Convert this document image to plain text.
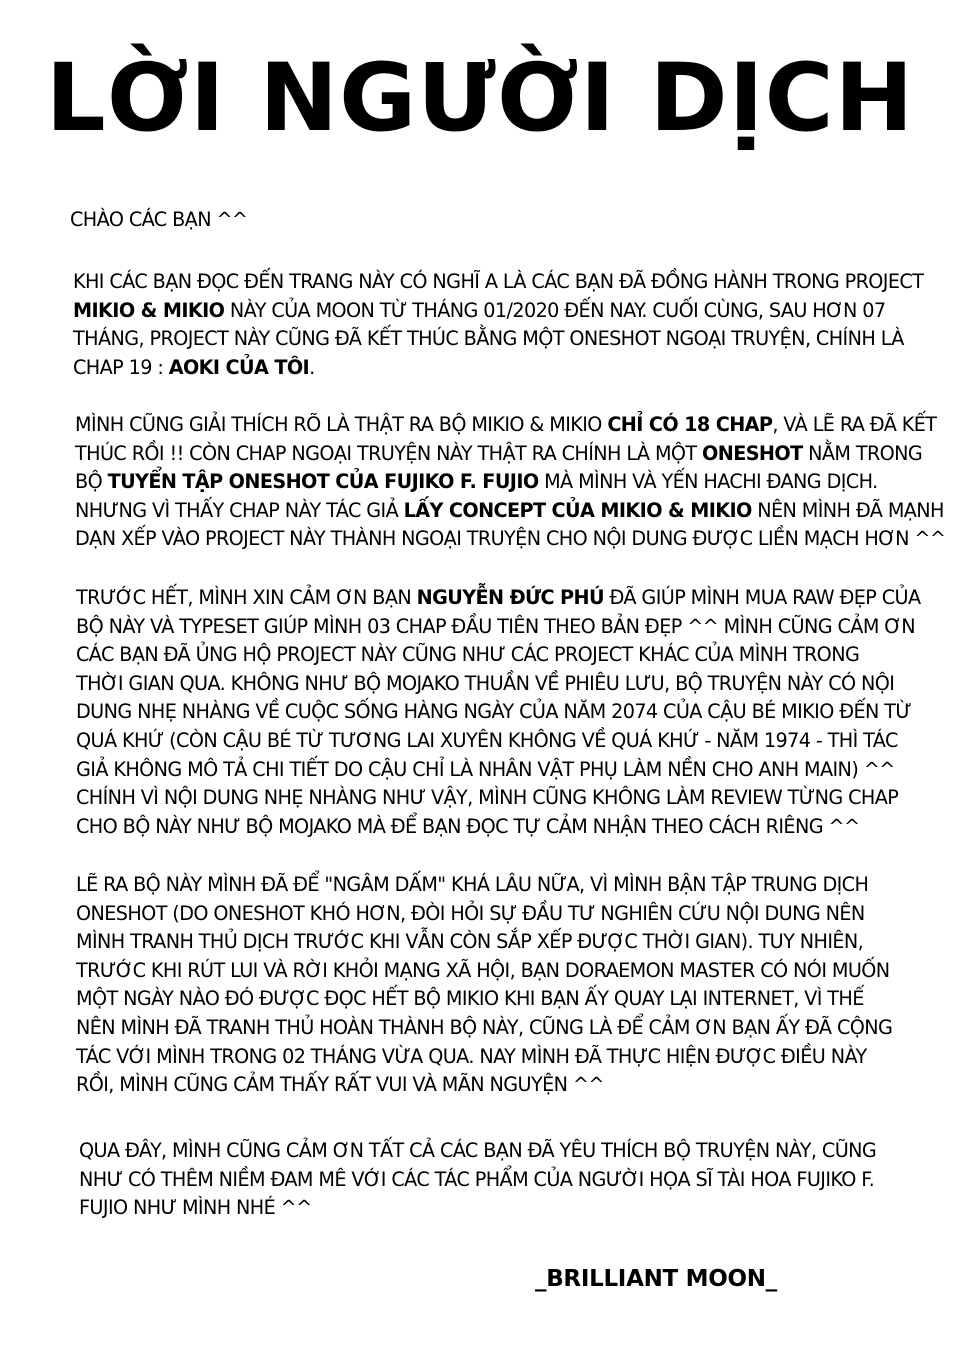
LỜI NGƯỜI DỊCH
CHÀO CÁC BẠN ^^
KHI CÁC BẠN ĐỌC ĐẾN TRANG NÀY CÓ NGHĨ A LÀ CÁC BẠN ĐÃ ĐỒNG HÀNH TRONG PROJECT
MIKIO & MIKIO NÀY CỦA MOON TỪ THÁNG 01/2020 ĐẾN NAY. CUỐI CÙNG, SAU HƠN 07
THÁNG, PROJECT NÀY CŨNG ĐÃ KẾT THÚC BẰNG MỘT ONESHOT NGOẠI TRUYỆN, CHÍNH LÀ
CHAP 19 : AOKI CỦA TÔI.
MÌNH CŨNG GIẢI THÍCH RÕ LÀ THẬT RA BỘ MIKIO & MIKIO CHỈ CÓ 18 CHAP, VÀ LẼ RA ĐÃ KẾT
THÚC RỒI !! CÒN CHAP NGOẠI TRUYỆN NÀY THẬT RA CHÍNH LÀ MỘT ONESHOT NẰM TRONG
BỘ TUYỂN TẬP ONESHOT CỦA FUJIKO F. FUJIO MÀ MÌNH VÀ YẾN HACHI ĐANG DỊCH.
NHƯNG VÌ THẤY CHAP NÀY TÁC GIẢ LẤY CONCEPT CỦA MIKIO & MIKIO NÊN MÌNH ĐÃ MẠNH
DẠN XẾP VÀO PROJECT NÀY THÀNH NGOẠI TRUYỆN CHO NỘI DUNG ĐƯỢC LIỀN MẠCH HƠN ^^
TRƯỚC HẾT, MÌNH XIN CẢM ƠN BẠN NGUYỄN ĐỨC PHÚ ĐÃ GIÚP MÌNH MUA RAW ĐẸP CỦA
BỘ NÀY VÀ TYPESET GIÚP MÌNH 03 CHAP ĐẦU TIÊN THEO BẢN ĐẸP ^^ MÌNH CŨNG CẢM ƠN
CÁC BẠN ĐÃ ỦNG HỘ PROJECT NÀY CŨNG NHƯ CÁC PROJECT KHÁC CỦA MÌNH TRONG
THỜI GIAN QUA. KHÔNG NHƯ BỘ MOJAKO THUẦN VỀ PHIÊU LƯU, BỘ TRUYỆN NÀY CÓ NỘI
DUNG NHẸ NHÀNG VỀ CUỘC SỐNG HÀNG NGÀY CỦA NĂM 2074 CỦA CẬU BÉ MIKIO ĐẾN TỪ
QUÁ KHỨ (CÒN CẬU BÉ TỪ TƯƠNG LAI XUYÊN KHÔNG VỀ QUÁ KHỨ - NĂM 1974 - THÌ TÁC
GIẢ KHÔNG MÔ TẢ CHI TIẾT DO CẬU CHỈ LÀ NHÂN VẬT PHỤ LÀM NỀN CHO ANH MAIN) ^^
CHÍNH VÌ NỘI DUNG NHẸ NHÀNG NHƯ VẬY, MÌNH CŨNG KHÔNG LÀM REVIEW TỪNG CHAP
CHO BỘ NÀY NHƯ BỘ MOJAKO MÀ ĐỂ BẠN ĐỌC TỰ CẢM NHẬN THEO CÁCH RIÊNG ^^
LẼ RA BỘ NÀY MÌNH ĐÃ ĐỂ "NGÂM DẤM" KHÁ LÂU NỮA, VÌ MÌNH BẬN TẬP TRUNG DỊCH
ONESHOT (DO ONESHOT KHÓ HƠN, ĐÒI HỎI SỰ ĐẦU TƯ NGHIÊN CỨU NỘI DUNG NÊN
MÌNH TRANH THỦ DỊCH TRƯỚC KHI VẪN CÒN SẮP XẾP ĐƯỢC THỜI GIAN). TUY NHIÊN,
TRƯỚC KHI RÚT LUI VÀ RỜI KHỎI MẠNG XÃ HỘI, BẠN DORAEMON MASTER CÓ NÓI MUỐN
MỘT NGÀY NÀO ĐÓ ĐƯỢC ĐỌC HẾT BỘ MIKIO KHI BẠN ẤY QUAY LẠI INTERNET, VÌ THẾ
NÊN MÌNH ĐÃ TRANH THỦ HOÀN THÀNH BỘ NÀY, CŨNG LÀ ĐỂ CẢM ƠN BẠN ẤY ĐÃ CỘNG
TÁC VỚI MÌNH TRONG 02 THÁNG VỪA QUA. NAY MÌNH ĐÃ THỰC HIỆN ĐƯỢC ĐIỀU NÀY
RỒI, MÌNH CŨNG CẢM THẤY RẤT VUI VÀ MÃN NGUYỆN ^^
QUA ĐÂY, MÌNH CŨNG CẢM ƠN TẤT CẢ CÁC BẠN ĐÃ YÊU THÍCH BỘ TRUYỆN NÀY, CŨNG
NHƯ CÓ THÊM NIỀM ĐAM MÊ VỚI CÁC TÁC PHẨM CỦA NGƯỜI HỌA SĨ TÀI HOA FUJIKO F.
FUJIO NHƯ MÌNH NHÉ ^^
_BRILLIANT MOON_
